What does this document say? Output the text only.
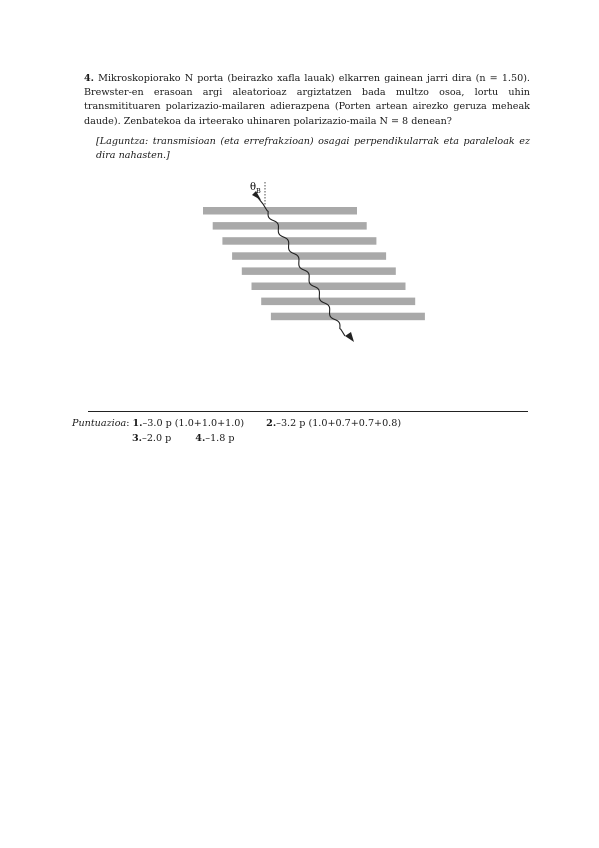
4. Mikroskopiorako N porta (beirazko xafla lauak) elkarren gainean jarri dira (n = 1.50). Brewster-en erasoan argi aleatorioaz argiztatzen bada multzo osoa, lortu uhin transmitituaren polarizazio-mailaren adierazpena (Porten artean airezko geruza meheak daude). Zenbatekoa da irteerako uhinaren polarizazio-maila N = 8 denean?
[Laguntza: transmisioan (eta errefrakzioan) osagai perpendikularrak eta paraleloak ez dira nahasten.]
$\theta_B$
Puntuazioa: 1.–3.0 p (1.0+1.0+1.0) 2.–3.2 p (1.0+0.7+0.7+0.8)
3.–2.0 p	4.–1.8 p
